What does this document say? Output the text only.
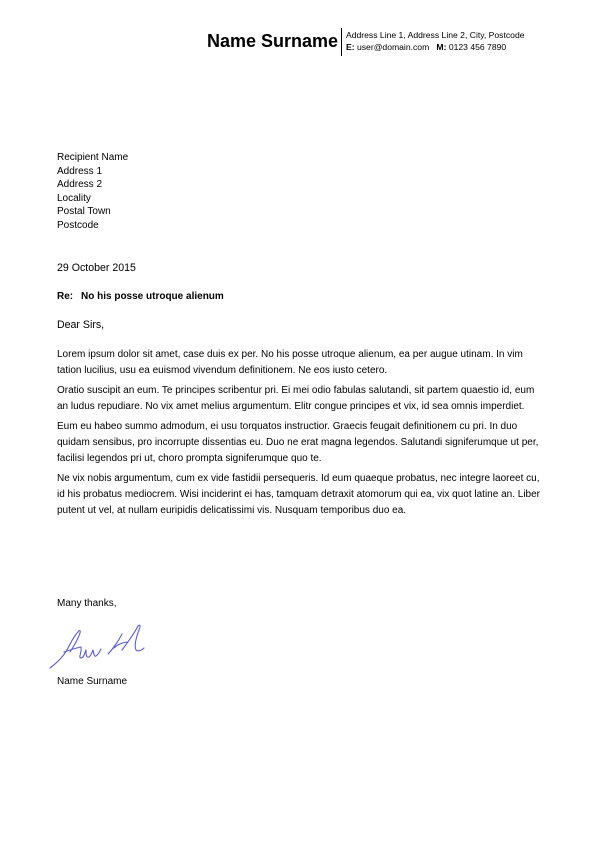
Name Surname Address Line 1, Address Line 2, City, Postcode
E: user@domain.com M: 0123 456 7890
Recipient Name
Address 1
Address 2
Locality
Postal Town
Postcode
29 October 2015
Re: No his posse utroque alienum
Dear Sirs,

Lorem ipsum dolor sit amet, case duis ex per. No his posse utroque alienum, ea per augue utinam. In vim tation lucilius, usu ea euismod vivendum definitionem. Ne eos iusto cetero.

Oratio suscipit an eum. Te principes scribentur pri. Ei mei odio fabulas salutandi, sit partem quaestio id, eum an ludus repudiare. No vix amet melius argumentum. Elitr congue principes et vix, id sea omnis imperdiet.

Eum eu habeo summo admodum, ei usu torquatos instructior. Graecis feugait definitionem cu pri. In duo quidam sensibus, pro incorrupte dissentias eu. Duo ne erat magna legendos. Salutandi signiferumque ut per, facilisi legendos pri ut, choro prompta signiferumque quo te.

Ne vix nobis argumentum, cum ex vide fastidii persequeris. Id eum quaeque probatus, nec integre laoreet cu, id his probatus mediocrem. Wisi inciderint ei has, tamquam detraxit atomorum qui ea, vix quot latine an. Liber putent ut vel, at nullam euripidis delicatissimi vis. Nusquam temporibus duo ea.

Many thanks,
Name Surname
